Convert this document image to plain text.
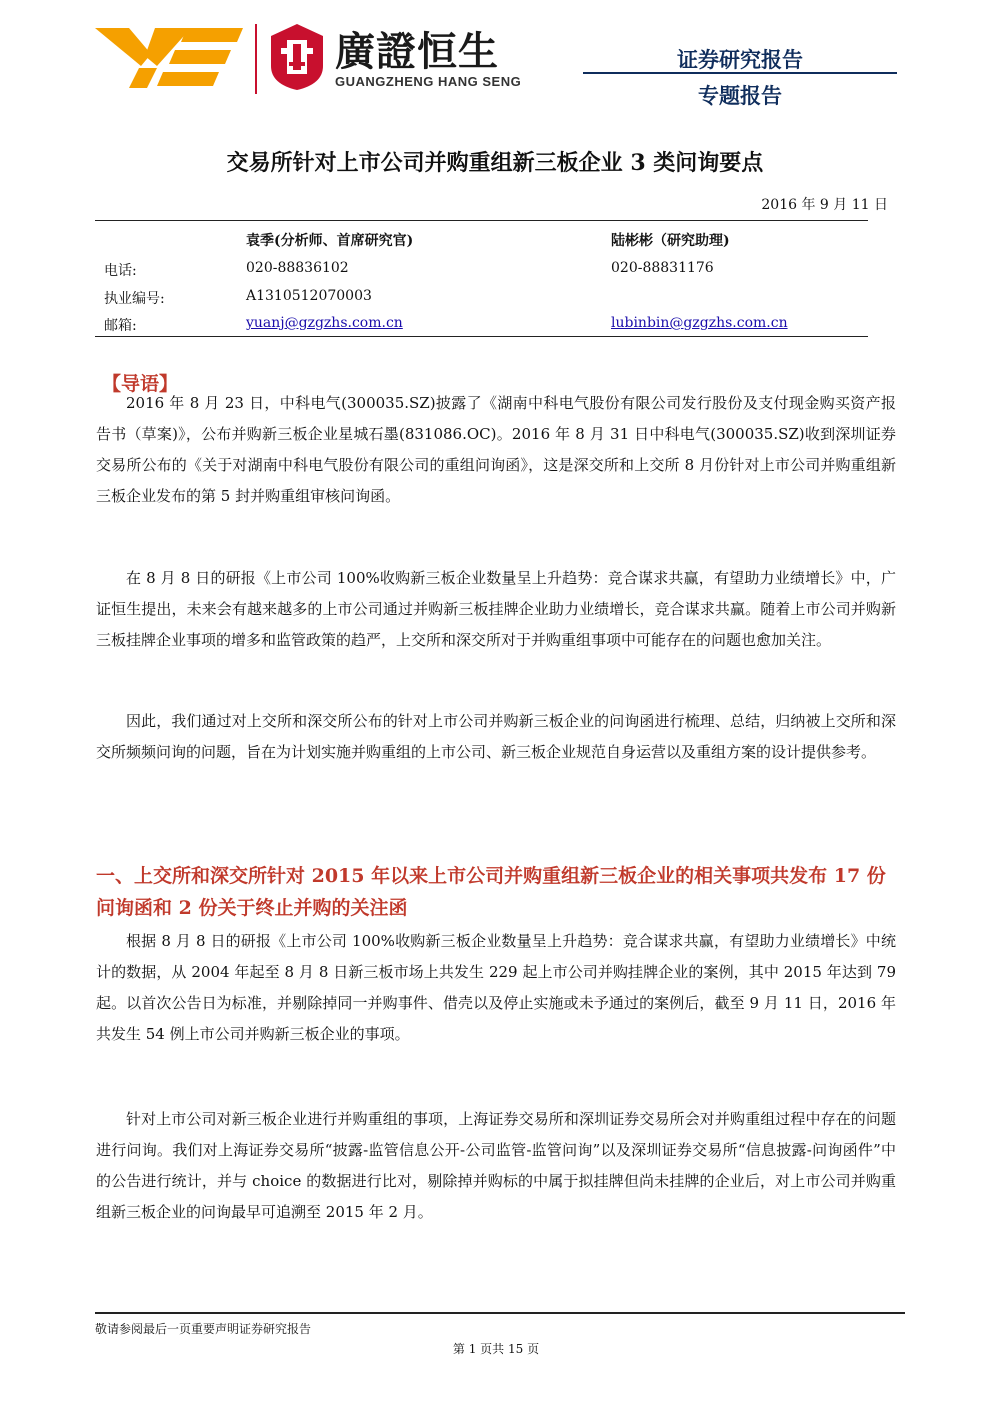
廣證恒生
GUANGZHENG HANG SENG
证券研究报告
专题报告
交易所针对上市公司并购重组新三板企业 3 类问询要点
2016 年 9 月 11 日
袁季(分析师、首席研究官)	陆彬彬（研究助理)
电话:	020-88836102	020-88831176
执业编号:	A1310512070003
邮箱:	yuanj@gzgzhs.com.cn	lubinbin@gzgzhs.com.cn
【导语】

2016 年 8 月 23 日，中科电气(300035.SZ)披露了《湖南中科电气股份有限公司发行股份及支付现金购买资产报告书（草案)》，公布并购新三板企业星城石墨(831086.OC)。2016 年 8 月 31 日中科电气(300035.SZ)收到深圳证券交易所公布的《关于对湖南中科电气股份有限公司的重组问询函》，这是深交所和上交所 8 月份针对上市公司并购重组新三板企业发布的第 5 封并购重组审核问询函。

在 8 月 8 日的研报《上市公司 100%收购新三板企业数量呈上升趋势：竞合谋求共赢，有望助力业绩增长》中，广证恒生提出，未来会有越来越多的上市公司通过并购新三板挂牌企业助力业绩增长，竞合谋求共赢。随着上市公司并购新三板挂牌企业事项的增多和监管政策的趋严，上交所和深交所对于并购重组事项中可能存在的问题也愈加关注。

因此，我们通过对上交所和深交所公布的针对上市公司并购新三板企业的问询函进行梳理、总结，归纳被上交所和深交所频频问询的问题，旨在为计划实施并购重组的上市公司、新三板企业规范自身运营以及重组方案的设计提供参考。

一、上交所和深交所针对 2015 年以来上市公司并购重组新三板企业的相关事项共发布 17 份问询函和 2 份关于终止并购的关注函

根据 8 月 8 日的研报《上市公司 100%收购新三板企业数量呈上升趋势：竞合谋求共赢，有望助力业绩增长》中统计的数据，从 2004 年起至 8 月 8 日新三板市场上共发生 229 起上市公司并购挂牌企业的案例，其中 2015 年达到 79 起。以首次公告日为标准，并剔除掉同一并购事件、借壳以及停止实施或未予通过的案例后，截至 9 月 11 日，2016 年共发生 54 例上市公司并购新三板企业的事项。

针对上市公司对新三板企业进行并购重组的事项，上海证券交易所和深圳证券交易所会对并购重组过程中存在的问题进行问询。我们对上海证券交易所“披露-监管信息公开-公司监管-监管问询”以及深圳证券交易所“信息披露-问询函件”中的公告进行统计，并与 choice 的数据进行比对，剔除掉并购标的中属于拟挂牌但尚未挂牌的企业后，对上市公司并购重组新三板企业的问询最早可追溯至 2015 年 2 月。

敬请参阅最后一页重要声明证券研究报告
第 1 页共 15 页
